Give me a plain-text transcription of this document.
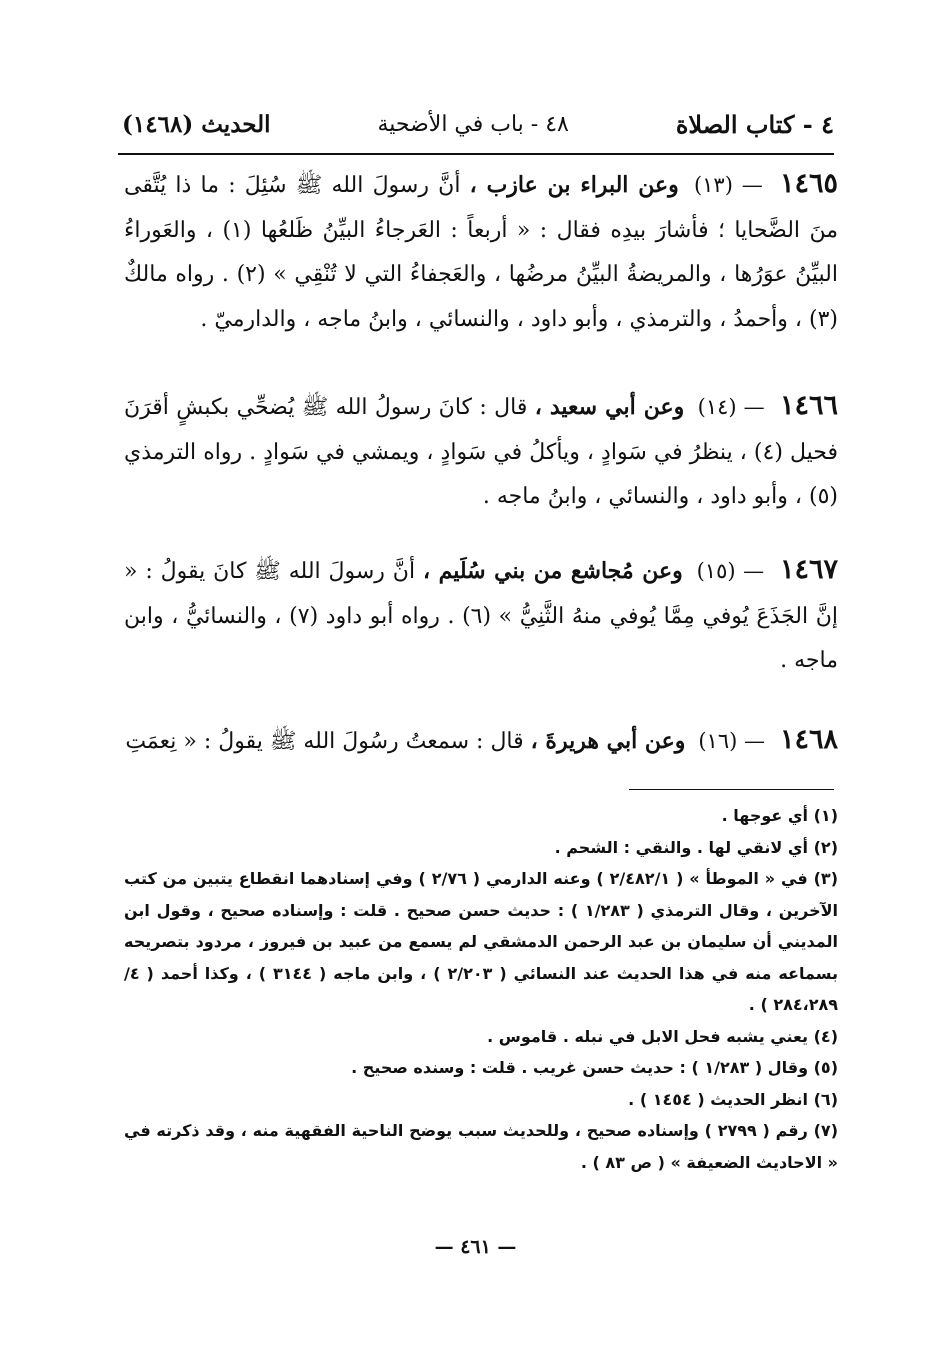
٤ - كتاب الصلاة
٤٨ - باب في الأضحية
الحديث (١٤٦٨)

١٤٦٥ — (١٣) وعن البراء بن عازب ، أنَّ رسولَ الله ﷺ سُئِلَ : ما ذا يُتَّقى منَ الضَّحايا ؛ فأشارَ بيدِه فقال : « أربعاً : العَرجاءُ البيِّنُ ظَلعُها (١) ، والعَوراءُ البيِّنُ عوَرُها ، والمريضةُ البيِّنُ مرضُها ، والعَجفاءُ التي لا تُنْقِي » (٢) . رواه مالكٌ (٣) ، وأحمدُ ، والترمذي ، وأبو داود ، والنسائي ، وابنُ ماجه ، والدارميّ .

١٤٦٦ — (١٤) وعن أبي سعيد ، قال : كانَ رسولُ الله ﷺ يُضحِّي بكبشٍ أقرَنَ فحيل (٤) ، ينظرُ في سَوادٍ ، ويأكلُ في سَوادٍ ، ويمشي في سَوادٍ . رواه الترمذي (٥) ، وأبو داود ، والنسائي ، وابنُ ماجه .

١٤٦٧ — (١٥) وعن مُجاشع من بني سُلَيم ، أنَّ رسولَ الله ﷺ كانَ يقولُ : « إنَّ الجَذَعَ يُوفي مِمَّا يُوفي منهُ الثَّنِيُّ » (٦) . رواه أبو داود (٧) ، والنسائيُّ ، وابن ماجه .

١٤٦٨ — (١٦) وعن أبي هريرةَ ، قال : سمعتُ رسُولَ الله ﷺ يقولُ : « نِعمَتِ

(١) أي عوجها .

(٢) أي لانقي لها . والنقي : الشحم .

(٣) في « الموطأ » ( ٢/٤٨٢/١ ) وعنه الدارمي ( ٢/٧٦ ) وفي إسنادهما انقطاع يتبين من كتب الآخرين ، وقال الترمذي ( ١/٢٨٣ ) : حديث حسن صحيح . قلت : وإسناده صحيح ، وقول ابن المديني أن سليمان بن عبد الرحمن الدمشقي لم يسمع من عبيد بن فيروز ، مردود بتصريحه بسماعه منه في هذا الحديث عند النسائي ( ٢/٢٠٣ ) ، وابن ماجه ( ٣١٤٤ ) ، وكذا أحمد ( ٤/ ٢٨٤،٢٨٩ ) .

(٤) يعني يشبه فحل الابل في نبله . قاموس .

(٥) وقال ( ١/٢٨٣ ) : حديث حسن غريب . قلت : وسنده صحيح .

(٦) انظر الحديث ( ١٤٥٤ ) .

(٧) رقم ( ٢٧٩٩ ) وإسناده صحيح ، وللحديث سبب يوضح الناحية الفقهية منه ، وقد ذكرته في « الاحاديث الضعيفة » ( ص ٨٣ ) .

— ٤٦١ —
